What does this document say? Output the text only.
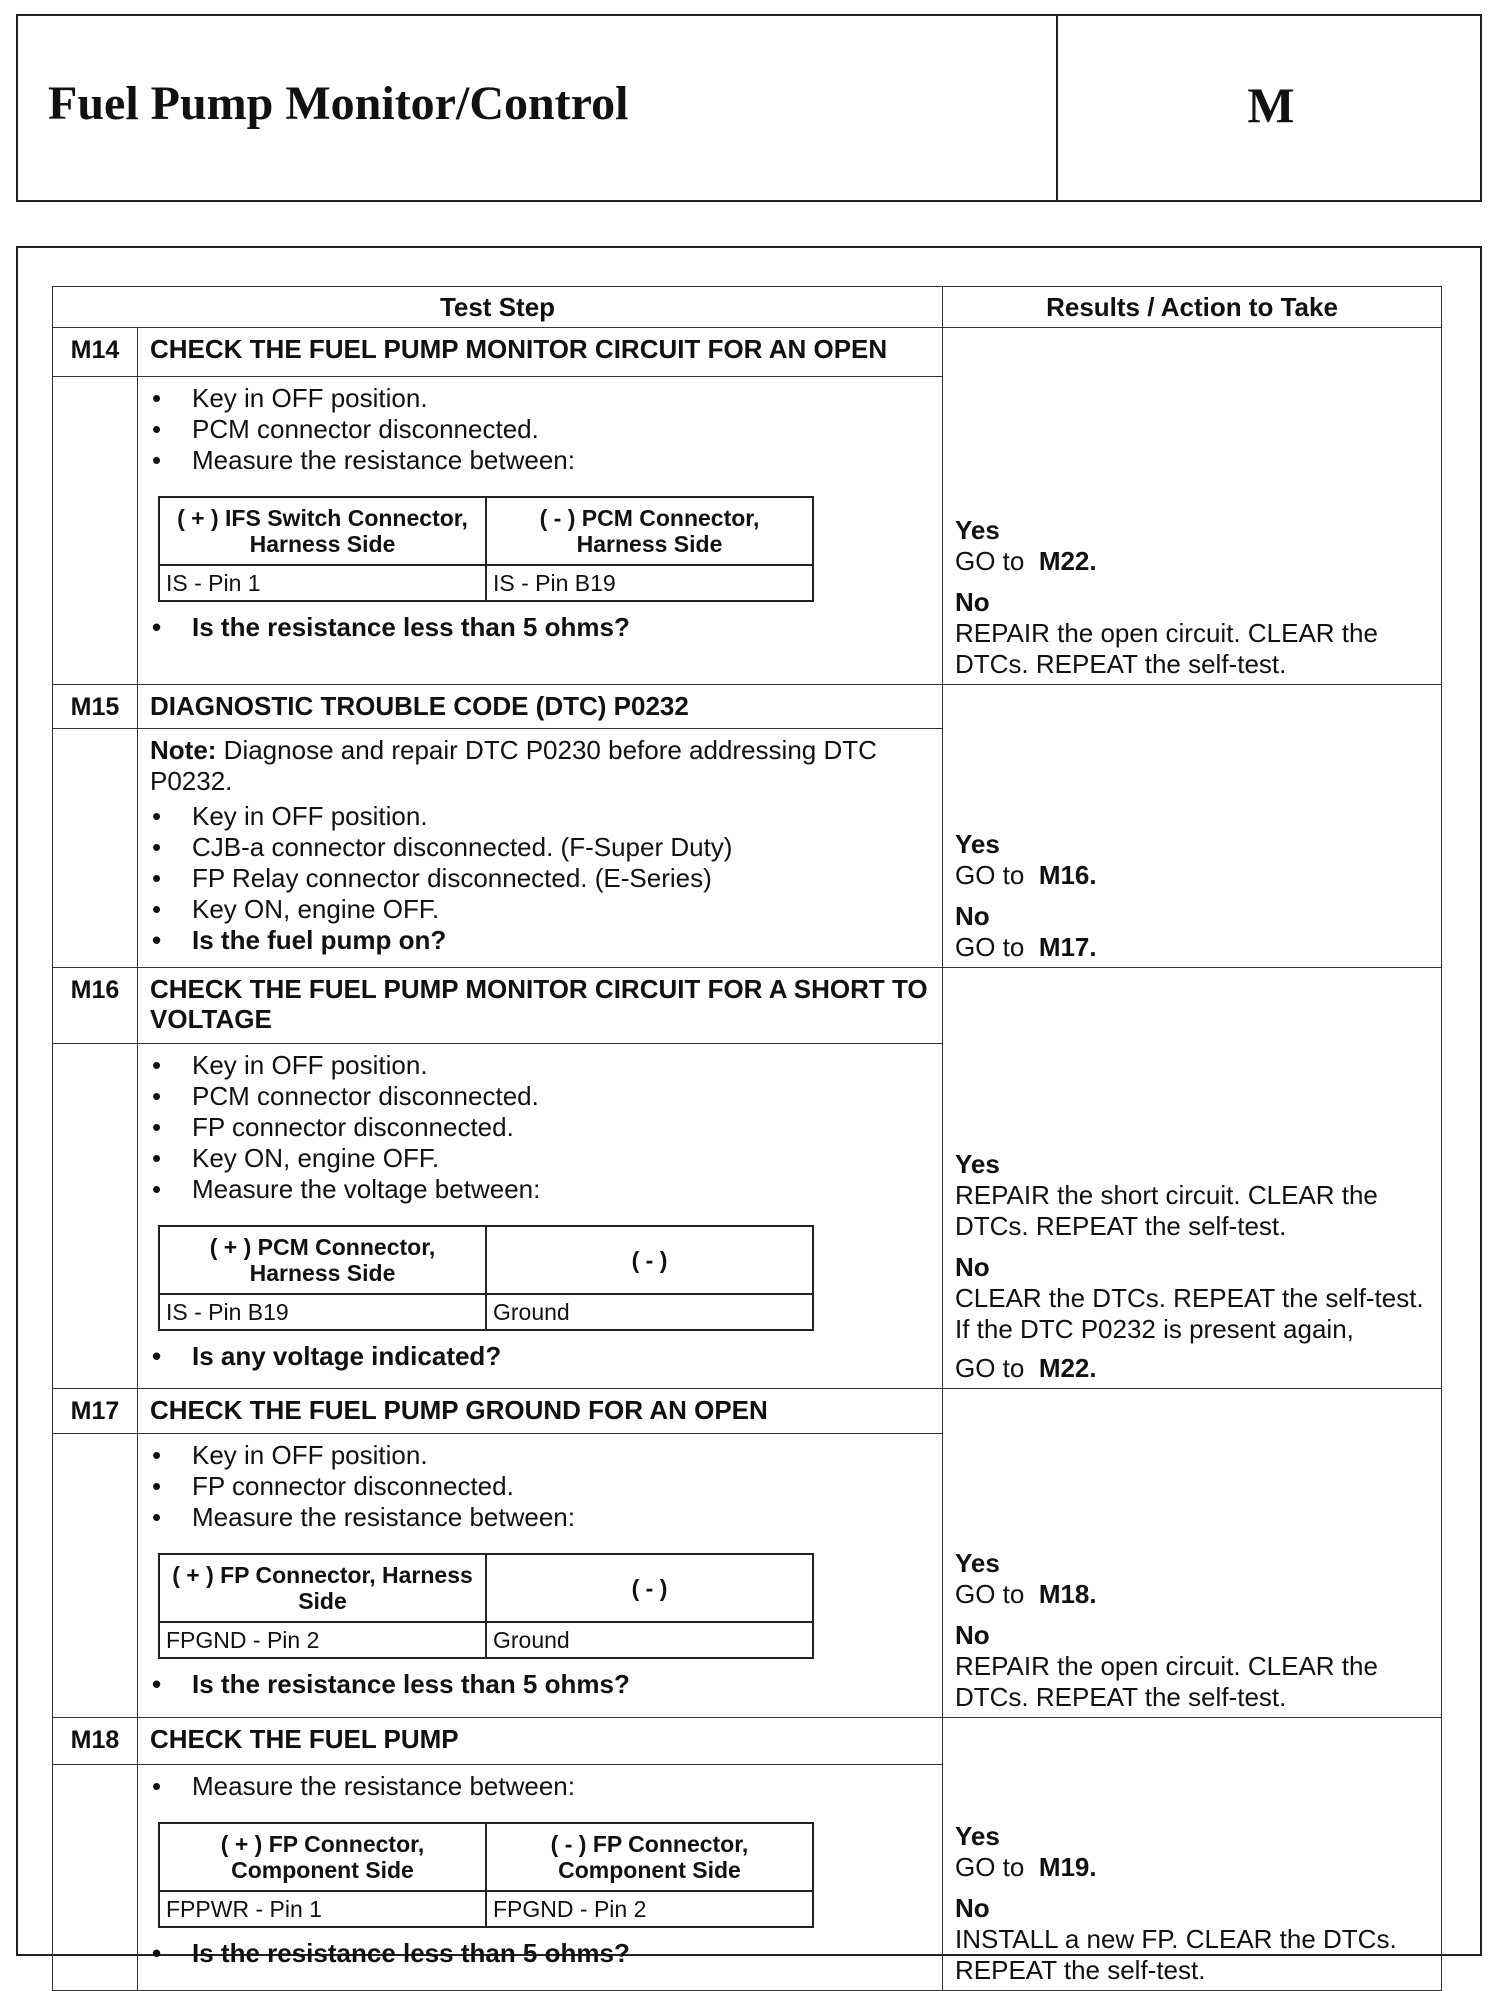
Fuel Pump Monitor/Control	M
Test Step	Results / Action to Take
M14	CHECK THE FUEL PUMP MONITOR CIRCUIT FOR AN OPEN	
Yes
GO to M22.
No
REPAIR the open circuit. CLEAR the DTCs. REPEAT the self-test.

• Key in OFF position.
• PCM connector disconnected.
• Measure the resistance between:
( + ) IFS Switch Connector, Harness Side	( - ) PCM Connector, Harness Side
IS - Pin 1	IS - Pin B19
• Is the resistance less than 5 ohms?

M15	DIAGNOSTIC TROUBLE CODE (DTC) P0232	
Yes
GO to M16.
No
GO to M17.

Note: Diagnose and repair DTC P0230 before addressing DTC P0232.
• Key in OFF position.
• CJB-a connector disconnected. (F-Super Duty)
• FP Relay connector disconnected. (E-Series)
• Key ON, engine OFF.
• Is the fuel pump on?

M16	CHECK THE FUEL PUMP MONITOR CIRCUIT FOR A SHORT TO VOLTAGE	
Yes
REPAIR the short circuit. CLEAR the DTCs. REPEAT the self-test.
No
CLEAR the DTCs. REPEAT the self-test. If the DTC P0232 is present again,
GO to M22.

• Key in OFF position.
• PCM connector disconnected.
• FP connector disconnected.
• Key ON, engine OFF.
• Measure the voltage between:
( + ) PCM Connector, Harness Side	( - )
IS - Pin B19	Ground
• Is any voltage indicated?

M17	CHECK THE FUEL PUMP GROUND FOR AN OPEN	
Yes
GO to M18.
No
REPAIR the open circuit. CLEAR the DTCs. REPEAT the self-test.

• Key in OFF position.
• FP connector disconnected.
• Measure the resistance between:
( + ) FP Connector, Harness Side	( - )
FPGND - Pin 2	Ground
• Is the resistance less than 5 ohms?

M18	CHECK THE FUEL PUMP	
Yes
GO to M19.
No
INSTALL a new FP. CLEAR the DTCs. REPEAT the self-test.

• Measure the resistance between:
( + ) FP Connector, Component Side	( - ) FP Connector, Component Side
FPPWR - Pin 1	FPGND - Pin 2
• Is the resistance less than 5 ohms?
